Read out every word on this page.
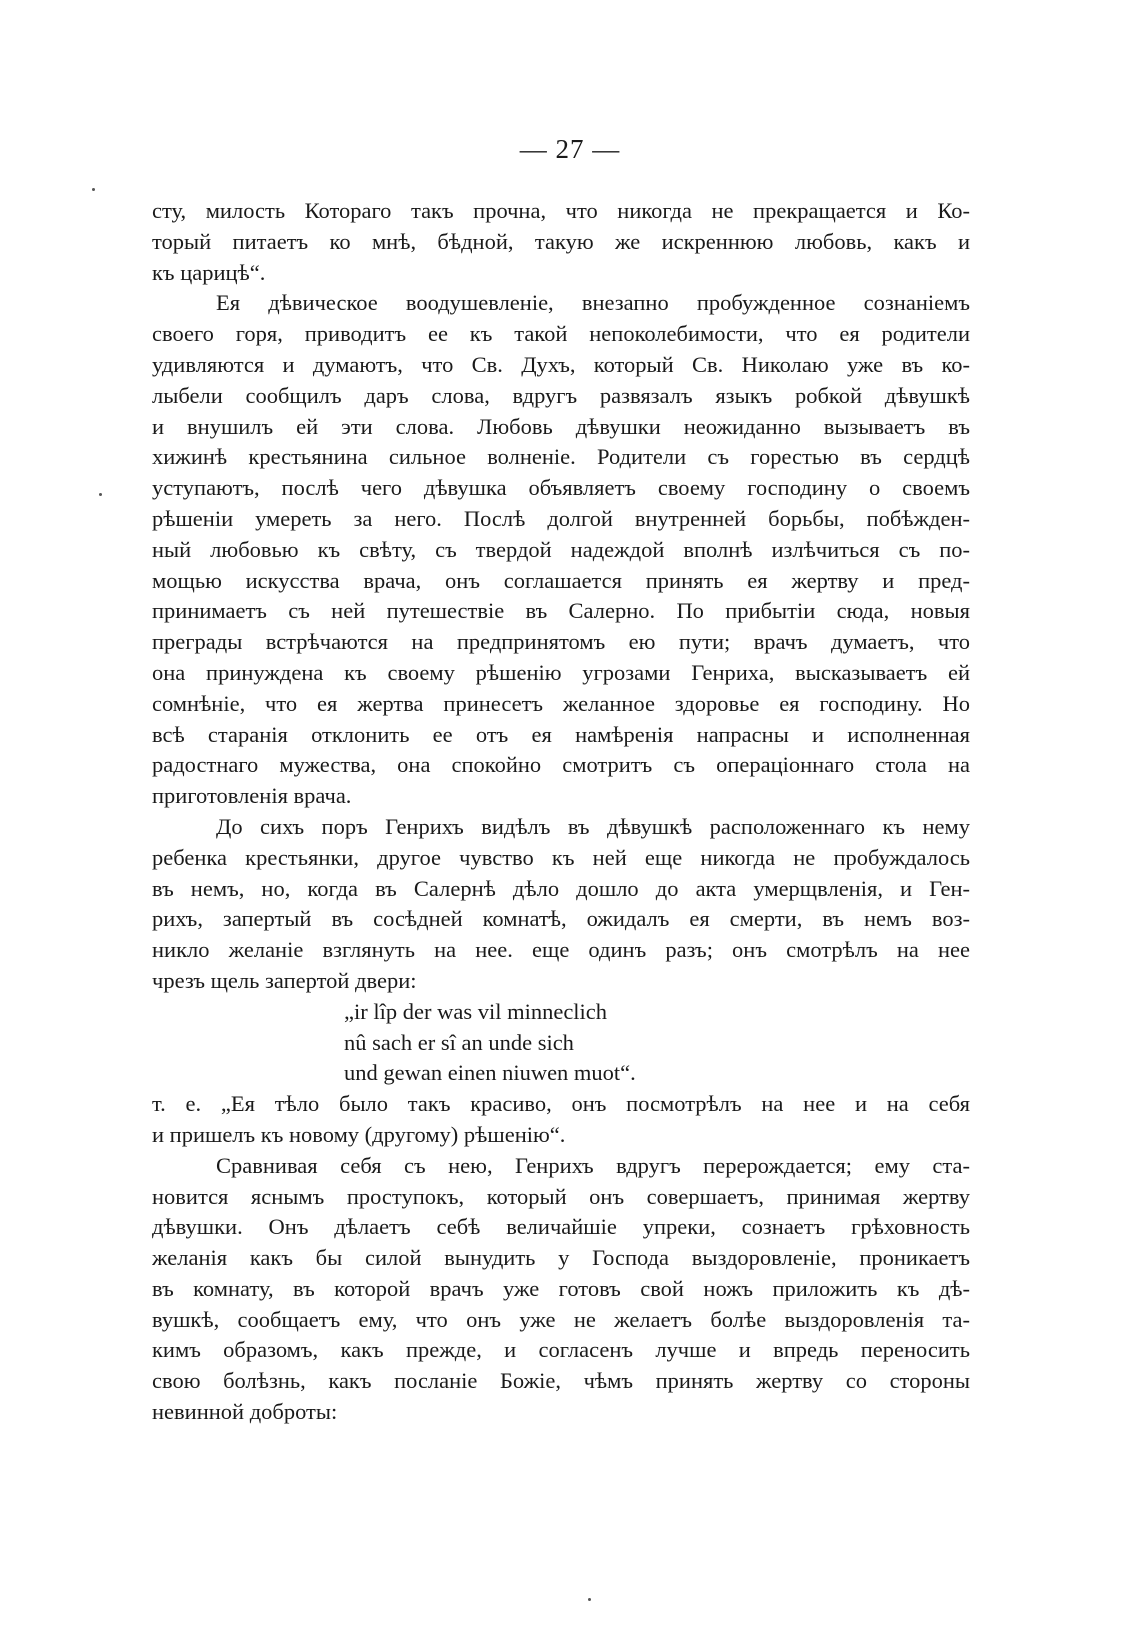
— 27 —
сту, милость Котораго такъ прочна, что никогда не прекращается и Ко-
торый питаетъ ко мнѣ, бѣдной, такую же искреннюю любовь, какъ и
къ царицѣ“.
Ея дѣвическое воодушевленіе, внезапно пробужденное сознаніемъ
своего горя, приводитъ ее къ такой непоколебимости, что ея родители
удивляются и думаютъ, что Св. Духъ, который Св. Николаю уже въ ко-
лыбели сообщилъ даръ слова, вдругъ развязалъ языкъ робкой дѣвушкѣ
и внушилъ ей эти слова. Любовь дѣвушки неожиданно вызываетъ въ
хижинѣ крестьянина сильное волненіе. Родители съ горестью въ сердцѣ
уступаютъ, послѣ чего дѣвушка объявляетъ своему господину о своемъ
рѣшеніи умереть за него. Послѣ долгой внутренней борьбы, побѣжден-
ный любовью къ свѣту, съ твердой надеждой вполнѣ излѣчиться съ по-
мощью искусства врача, онъ соглашается принять ея жертву и пред-
принимаетъ съ ней путешествіе въ Салерно. По прибытіи сюда, новыя
преграды встрѣчаются на предпринятомъ ею пути; врачъ думаетъ, что
она принуждена къ своему рѣшенію угрозами Генриха, высказываетъ ей
сомнѣніе, что ея жертва принесетъ желанное здоровье ея господину. Но
всѣ старанія отклонить ее отъ ея намѣренія напрасны и исполненная
радостнаго мужества, она спокойно смотритъ съ операціоннаго стола на
приготовленія врача.
До сихъ поръ Генрихъ видѣлъ въ дѣвушкѣ расположеннаго къ нему
ребенка крестьянки, другое чувство къ ней еще никогда не пробуждалось
въ немъ, но, когда въ Салернѣ дѣло дошло до акта умерщвленія, и Ген-
рихъ, запертый въ сосѣдней комнатѣ, ожидалъ ея смерти, въ немъ воз-
никло желаніе взглянуть на нее. еще одинъ разъ; онъ смотрѣлъ на нее
чрезъ щель запертой двери:
„ir lîp der was vil minneclich
nû sach er sî an unde sich
und gewan einen niuwen muot“.
т. е. „Ея тѣло было такъ красиво, онъ посмотрѣлъ на нее и на себя
и пришелъ къ новому (другому) рѣшенію“.
Сравнивая себя съ нею, Генрихъ вдругъ перерождается; ему ста-
новится яснымъ проступокъ, который онъ совершаетъ, принимая жертву
дѣвушки. Онъ дѣлаетъ себѣ величайшіе упреки, сознаетъ грѣховность
желанія какъ бы силой вынудить у Господа выздоровленіе, проникаетъ
въ комнату, въ которой врачъ уже готовъ свой ножъ приложить къ дѣ-
вушкѣ, сообщаетъ ему, что онъ уже не желаетъ болѣе выздоровленія та-
кимъ образомъ, какъ прежде, и согласенъ лучше и впредь переносить
свою болѣзнь, какъ посланіе Божіе, чѣмъ принять жертву со стороны
невинной доброты:
